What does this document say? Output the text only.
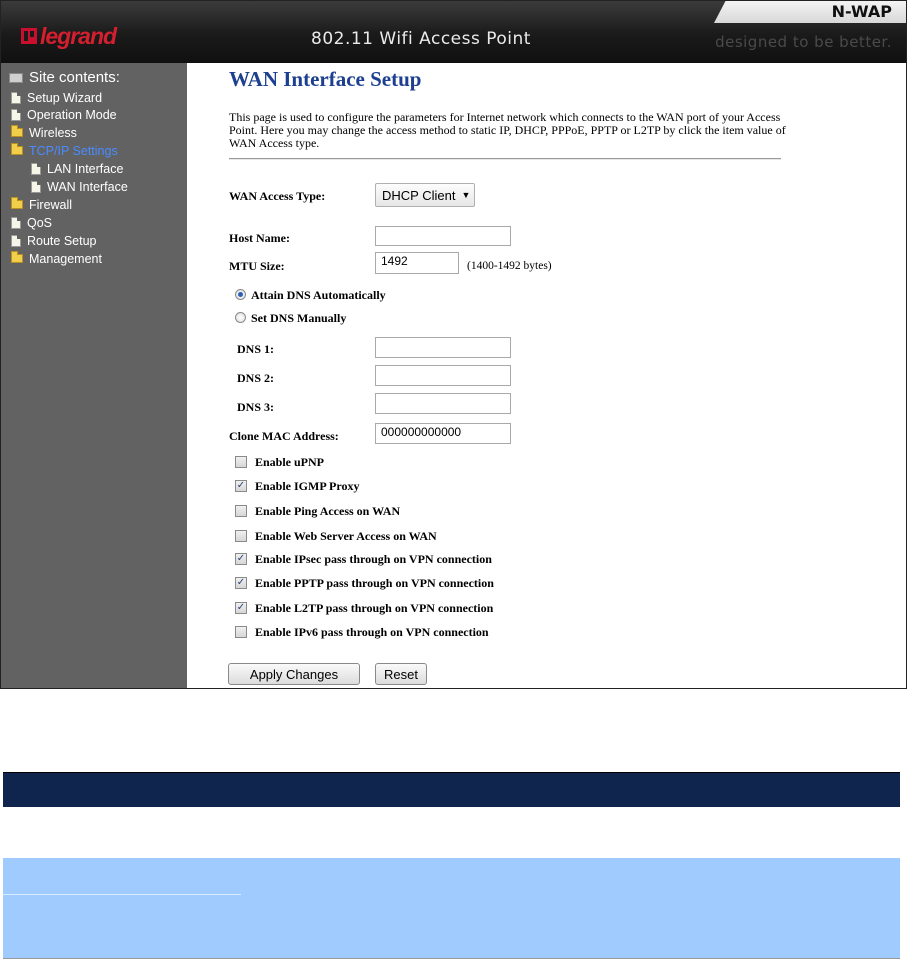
legrand	802.11 Wifi Access Point
N-WAP
designed to be better.
Site contents:
Setup Wizard
Operation Mode
Wireless
TCP/IP Settings
LAN Interface
WAN Interface
Firewall
QoS
Route Setup
Management
WAN Interface Setup
This page is used to configure the parameters for Internet network which connects to the WAN port of your Access Point. Here you may change the access method to static IP, DHCP, PPPoE, PPTP or L2TP by click the item value of WAN Access type.
WAN Access Type:	DHCP Client ▼
Host Name:
MTU Size:	1492	(1400-1492 bytes)
Attain DNS Automatically
Set DNS Manually
DNS 1:
DNS 2:
DNS 3:
Clone MAC Address:	000000000000
Enable uPNP
✓ Enable IGMP Proxy
Enable Ping Access on WAN
Enable Web Server Access on WAN
✓ Enable IPsec pass through on VPN connection
✓ Enable PPTP pass through on VPN connection
✓ Enable L2TP pass through on VPN connection
Enable IPv6 pass through on VPN connection
Apply Changes	Reset
